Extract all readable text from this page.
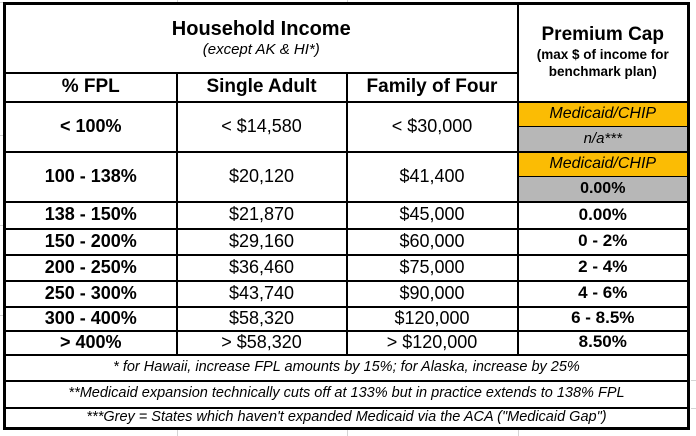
Household Income
(except AK & HI*)

Premium Cap
(max $ of income for benchmark plan)

% FPL	Single Adult	Family of Four	
< 100%	< $14,580	< $30,000	Medicaid/CHIP
			n/a***
100 - 138%	$20,120	$41,400	Medicaid/CHIP
			0.00%
138 - 150%	$21,870	$45,000	0.00%
150 - 200%	$29,160	$60,000	0 - 2%
200 - 250%	$36,460	$75,000	2 - 4%
250 - 300%	$43,740	$90,000	4 - 6%
300 - 400%	$58,320	$120,000	6 - 8.5%
> 400%	> $58,320	> $120,000	8.50%
* for Hawaii, increase FPL amounts by 15%; for Alaska, increase by 25%			
**Medicaid expansion technically cuts off at 133% but in practice extends to 138% FPL			
***Grey = States which haven't expanded Medicaid via the ACA ("Medicaid Gap")			
